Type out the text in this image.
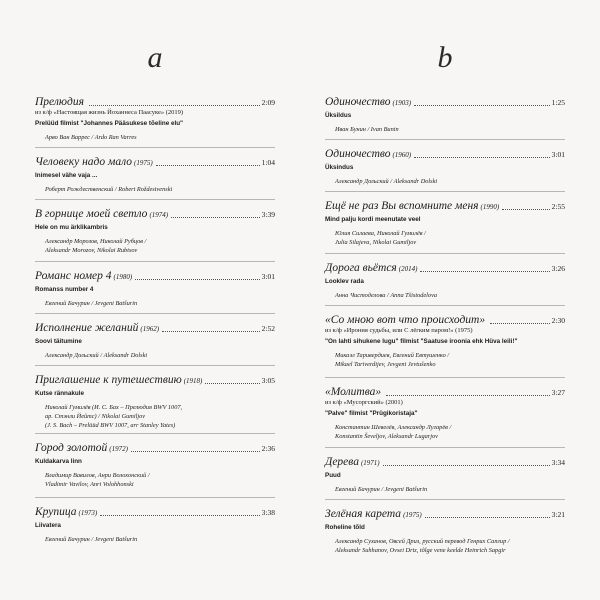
a
Прелюдия	2:09
из к/ф «Настоящая жизнь Йоханнеса Паасуке» (2019)
Prelüüd filmist "Johannes Pääsukese tõeline elu"
Арво Ван Варрес / Ardo Ran Varres
Человеку надо мало (1975)	1:04
Inimesel vähe vaja ...
Роберт Рождественский / Robert Roždestvenski
В горнице моей светло (1974)	3:39
Hele on mu ärklikambris
Александр Морозов, Николай Рубцов /
Aleksandr Morozov, Nikolai Rubtsov
Романс номер 4 (1980)	3:01
Romanss number 4
Евгений Бачурин / Jevgeni Batšurin
Исполнение желаний (1962)	2:52
Soovi täitumine
Александр Дольский / Aleksandr Dolski
Приглашение к путешествию (1918)	3:05
Kutse rännakule
Николай Гумилёв (И. С. Бах – Прелюдия BWV 1007,
ар. Стэнли Йейтс) / Nikolai Gumiljov
(J. S. Bach – Prelüüd BWV 1007, arr Stanley Yates)
Город золотой (1972)	2:36
Kuldakarva linn
Владимир Вавилов, Анри Волохонский /
Vladimir Vavilov, Anri Volohhonski
Крупица (1973)	3:38
Liivatera
Евгений Бачурин / Jevgeni Batšurin
b
Одиночество (1903)	1:25
Üksildus
Иван Бунин / Ivan Bunin
Одиночество (1960)	3:01
Üksindus
Александр Дольский / Aleksandr Dolski
Ещё не раз Вы вспомните меня (1990)	2:55
Mind palju kordi meenutate veel
Юлия Силаева, Николай Гумилёв /
Julia Silajeva, Nikolai Gumiljov
Дорога вьётся (2014)	3:26
Looklev rada
Анна Чистоделова / Anna Tšistodelova
«Со мною вот что происходит»	2:30
из к/ф «Ирония судьбы, или С лёгким паром!» (1975)
"On lahti sihukene lugu" filmist "Saatuse iroonia ehk Hüva leili!"
Микаэл Таривердиев, Евгений Евтушенко /
Mikael Tariverdijev, Jevgeni Jevtušenko
«Молитва»	3:27
из к/ф «Мусоргский» (2001)
"Palve" filmist "Prügikoristaja"
Константин Шевелёв, Александр Лугарёв /
Konstantin Ševeljov, Aleksandr Lugarjov
Дерева (1971)	3:34
Puud
Евгений Бачурин / Jevgeni Batšurin
Зелёная карета (1975)	3:21
Roheline tõld
Александр Суханов, Овсей Дриз, русский перевод Генрих Сапгир /
Aleksandr Suhhanov, Ovsei Driz, tõlge vene keelde Heinrich Sapgir
